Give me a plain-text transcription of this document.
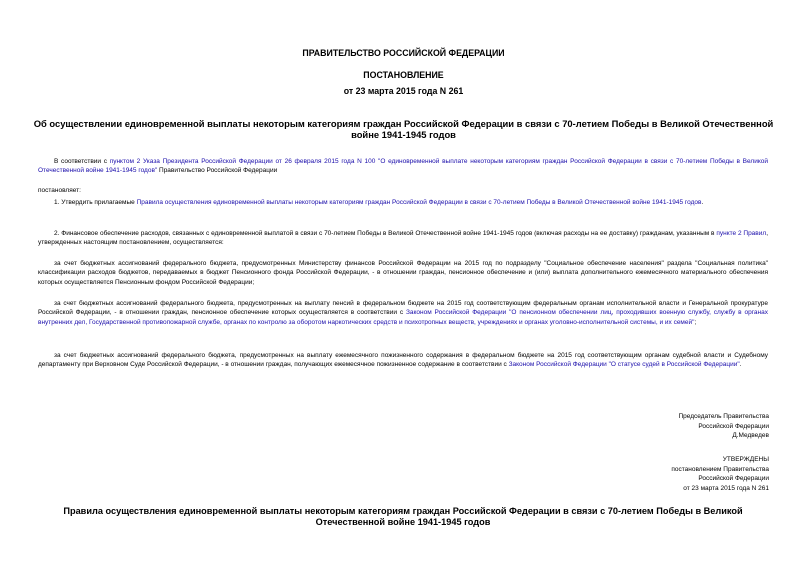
ПРАВИТЕЛЬСТВО РОССИЙСКОЙ ФЕДЕРАЦИИ
ПОСТАНОВЛЕНИЕ
от 23 марта 2015 года N 261
Об осуществлении единовременной выплаты некоторым категориям граждан Российской Федерации в связи с 70-летием Победы в Великой Отечественной войне 1941-1945 годов
В соответствии с пунктом 2 Указа Президента Российской Федерации от 26 февраля 2015 года N 100 "О единовременной выплате некоторым категориям граждан Российской Федерации в связи с 70-летием Победы в Великой Отечественной войне 1941-1945 годов" Правительство Российской Федерации
постановляет:
1. Утвердить прилагаемые Правила осуществления единовременной выплаты некоторым категориям граждан Российской Федерации в связи с 70-летием Победы в Великой Отечественной войне 1941-1945 годов.
2. Финансовое обеспечение расходов, связанных с единовременной выплатой в связи с 70-летием Победы в Великой Отечественной войне 1941-1945 годов (включая расходы на ее доставку) гражданам, указанным в пункте 2 Правил, утвержденных настоящим постановлением, осуществляется:
за счет бюджетных ассигнований федерального бюджета, предусмотренных Министерству финансов Российской Федерации на 2015 год по подразделу "Социальное обеспечение населения" раздела "Социальная политика" классификации расходов бюджетов, передаваемых в бюджет Пенсионного фонда Российской Федерации, - в отношении граждан, пенсионное обеспечение и (или) выплата дополнительного ежемесячного материального обеспечения которых осуществляется Пенсионным фондом Российской Федерации;
за счет бюджетных ассигнований федерального бюджета, предусмотренных на выплату пенсий в федеральном бюджете на 2015 год соответствующим федеральным органам исполнительной власти и Генеральной прокуратуре Российской Федерации, - в отношении граждан, пенсионное обеспечение которых осуществляется в соответствии с Законом Российской Федерации "О пенсионном обеспечении лиц, проходивших военную службу, службу в органах внутренних дел, Государственной противопожарной службе, органах по контролю за оборотом наркотических средств и психотропных веществ, учреждениях и органах уголовно-исполнительной системы, и их семей";
за счет бюджетных ассигнований федерального бюджета, предусмотренных на выплату ежемесячного пожизненного содержания в федеральном бюджете на 2015 год соответствующим органам судебной власти и Судебному департаменту при Верховном Суде Российской Федерации, - в отношении граждан, получающих ежемесячное пожизненное содержание в соответствии с Законом Российской Федерации "О статусе судей в Российской Федерации".
Председатель Правительства
Российской Федерации
Д.Медведев
УТВЕРЖДЕНЫ
постановлением Правительства
Российской Федерации
от 23 марта 2015 года N 261
Правила осуществления единовременной выплаты некоторым категориям граждан Российской Федерации в связи с 70-летием Победы в Великой Отечественной войне 1941-1945 годов
